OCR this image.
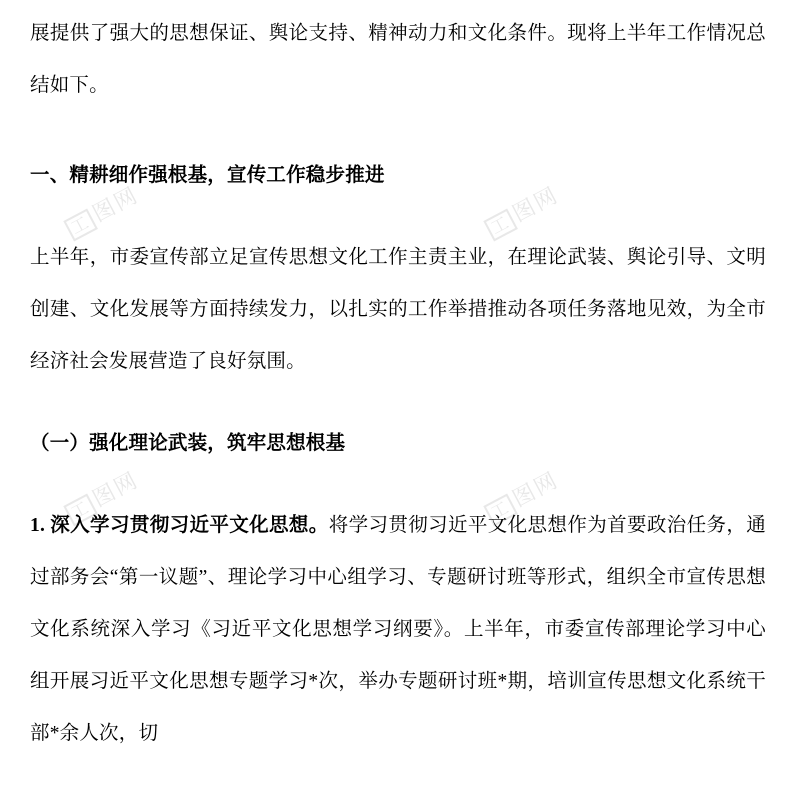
工图网	工图网
工图网	工图网

展提供了强大的思想保证、舆论支持、精神动力和文化条件。现将上半年工作情况总结如下。

一、精耕细作强根基，宣传工作稳步推进

上半年，市委宣传部立足宣传思想文化工作主责主业，在理论武装、舆论引导、文明创建、文化发展等方面持续发力，以扎实的工作举措推动各项任务落地见效，为全市经济社会发展营造了良好氛围。

（一）强化理论武装，筑牢思想根基

1. 深入学习贯彻习近平文化思想。将学习贯彻习近平文化思想作为首要政治任务，通过部务会“第一议题”、理论学习中心组学习、专题研讨班等形式，组织全市宣传思想文化系统深入学习《习近平文化思想学习纲要》。上半年，市委宣传部理论学习中心组开展习近平文化思想专题学习*次，举办专题研讨班*期，培训宣传思想文化系统干部*余人次，切
